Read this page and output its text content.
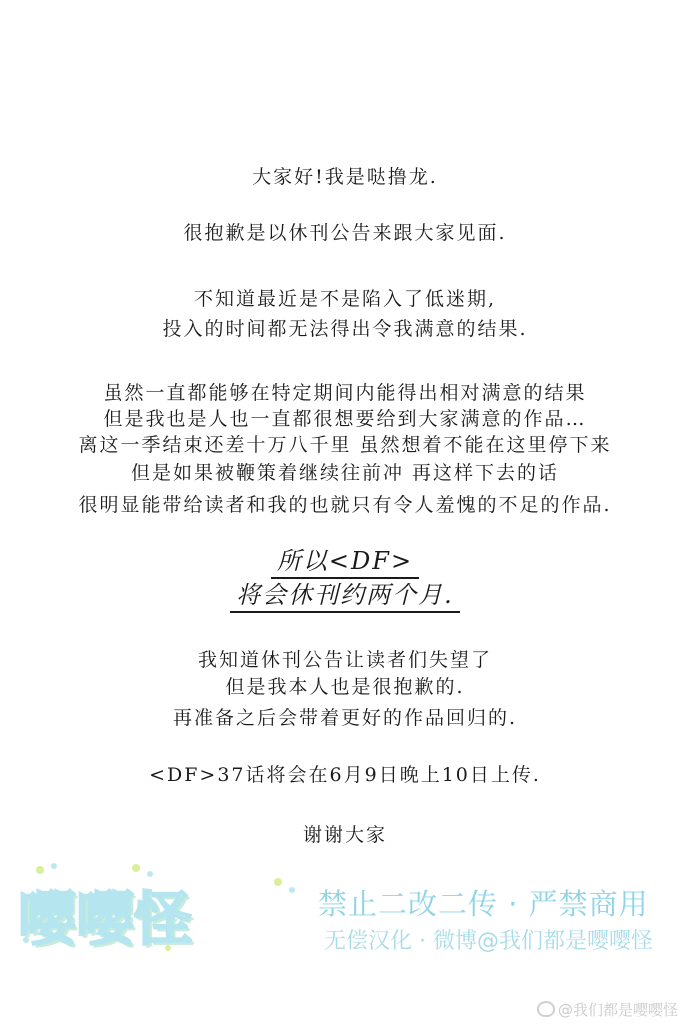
大家好!我是哒撸龙.
很抱歉是以休刊公告来跟大家见面.
不知道最近是不是陷入了低迷期,
投入的时间都无法得出令我满意的结果.
虽然一直都能够在特定期间内能得出相对满意的结果
但是我也是人也一直都很想要给到大家满意的作品…
离这一季结束还差十万八千里 虽然想着不能在这里停下来
但是如果被鞭策着继续往前冲 再这样下去的话
很明显能带给读者和我的也就只有令人羞愧的不足的作品.
所以<DF>
将会休刊约两个月.
我知道休刊公告让读者们失望了
但是我本人也是很抱歉的.
再准备之后会带着更好的作品回归的.
<DF>37话将会在6月9日晚上10日上传.
谢谢大家
嘤嘤怪	禁止二改二传 · 严禁商用
无偿汉化 · 微博@我们都是嘤嘤怪
@我们都是嘤嘤怪
